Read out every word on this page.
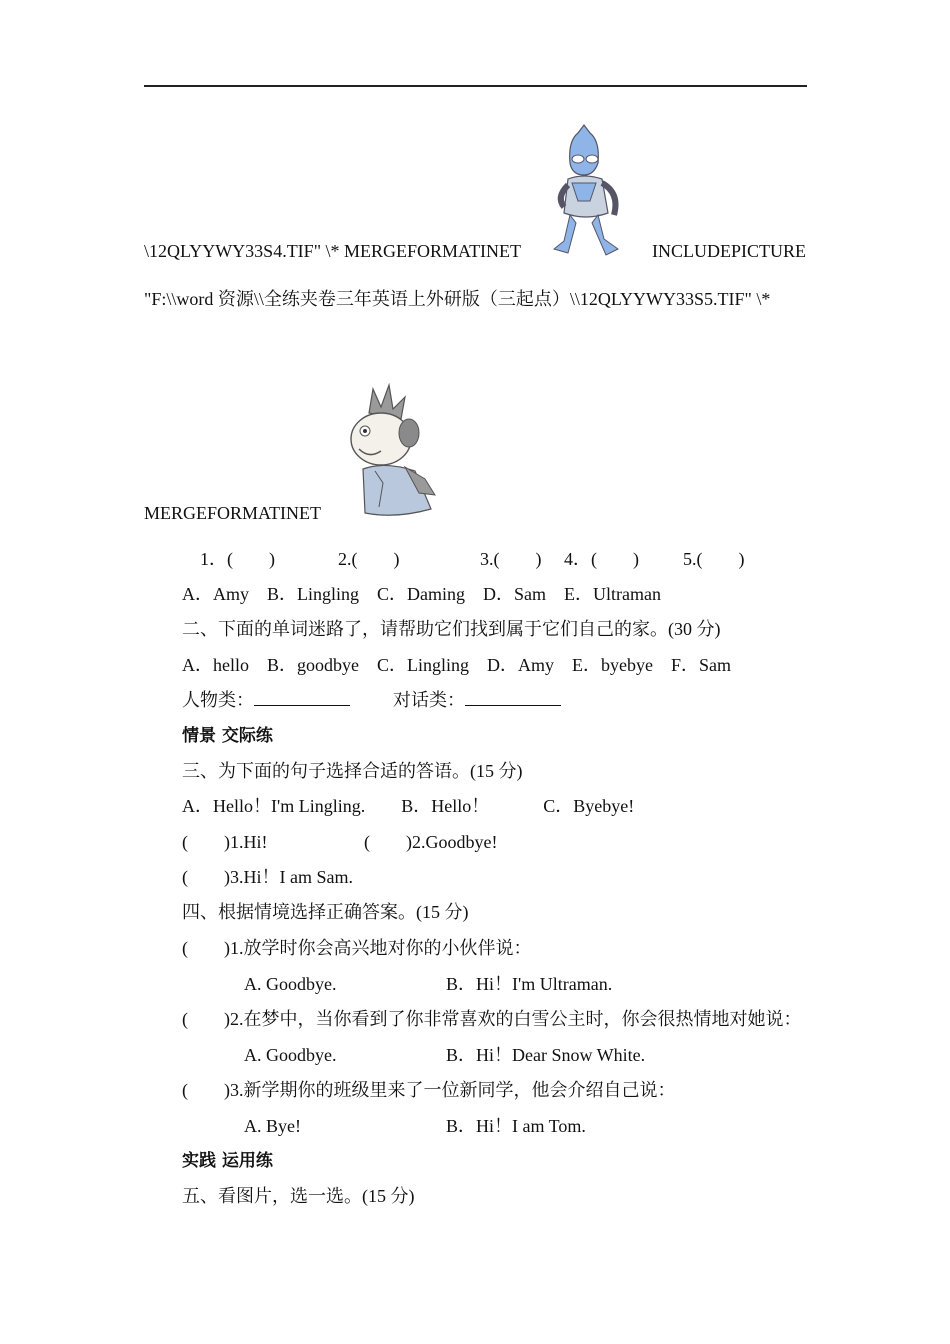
\12QLYYWY33S4.TIF" \* MERGEFORMATINET	INCLUDEPICTURE
"F:\\word 资源\\全练夹卷三年英语上外研版（三起点）\\12QLYYWY33S5.TIF" \*
MERGEFORMATINET
1．(　　)	2.(　　)	3.(　　) 4．(　　) 5.(　　)
A．Amy　B．Lingling　C．Daming　D．Sam　E．Ultraman
二、下面的单词迷路了，请帮助它们找到属于它们自己的家。(30 分)
A．hello　B．goodbye　C．Lingling　D．Amy　E．byebye　F．Sam
人物类：	对话类：
情景 交际练
三、为下面的句子选择合适的答语。(15 分)
A．Hello！I'm Lingling.　　B．Hello！　　　C．Byebye!
(　　)1.Hi!	(　　)2.Goodbye!
(　　)3.Hi！I am Sam.
四、根据情境选择正确答案。(15 分)
(　　)1.放学时你会高兴地对你的小伙伴说：
A. Goodbye.	B．Hi！I'm Ultraman.
(　　)2.在梦中，当你看到了你非常喜欢的白雪公主时，你会很热情地对她说：
A. Goodbye.	B．Hi！Dear Snow White.
(　　)3.新学期你的班级里来了一位新同学，他会介绍自己说：
A. Bye!	B．Hi！I am Tom.
实践 运用练
五、看图片，选一选。(15 分)
